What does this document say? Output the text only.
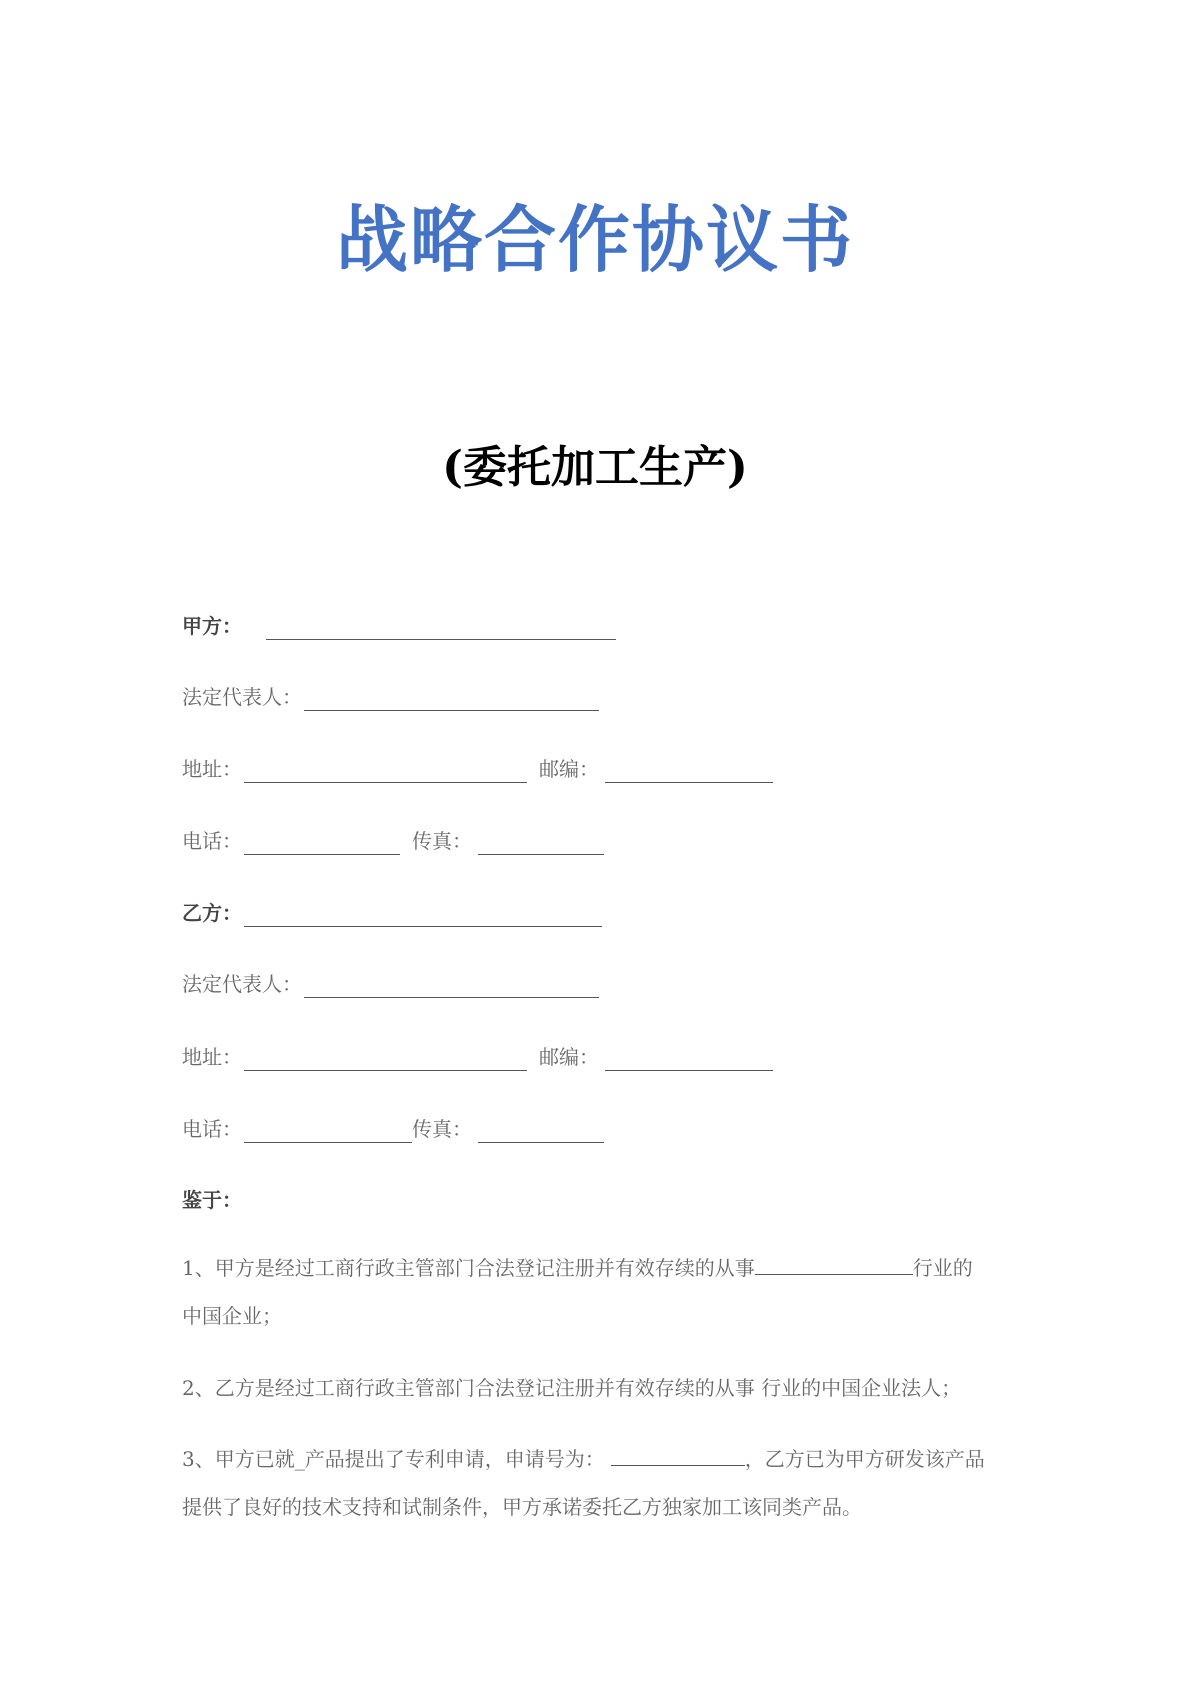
战略合作协议书
(委托加工生产)
甲方：
法定代表人：
地址：	邮编：
电话：	传真：
乙方：
法定代表人：
地址：	邮编：
电话：	传真：
鉴于：
1、甲方是经过工商行政主管部门合法登记注册并有效存续的从事	行业的
中国企业；
2、乙方是经过工商行政主管部门合法登记注册并有效存续的从事 行业的中国企业法人；
3、甲方已就_产品提出了专利申请，申请号为：	，乙方已为甲方研发该产品
提供了良好的技术支持和试制条件，甲方承诺委托乙方独家加工该同类产品。
